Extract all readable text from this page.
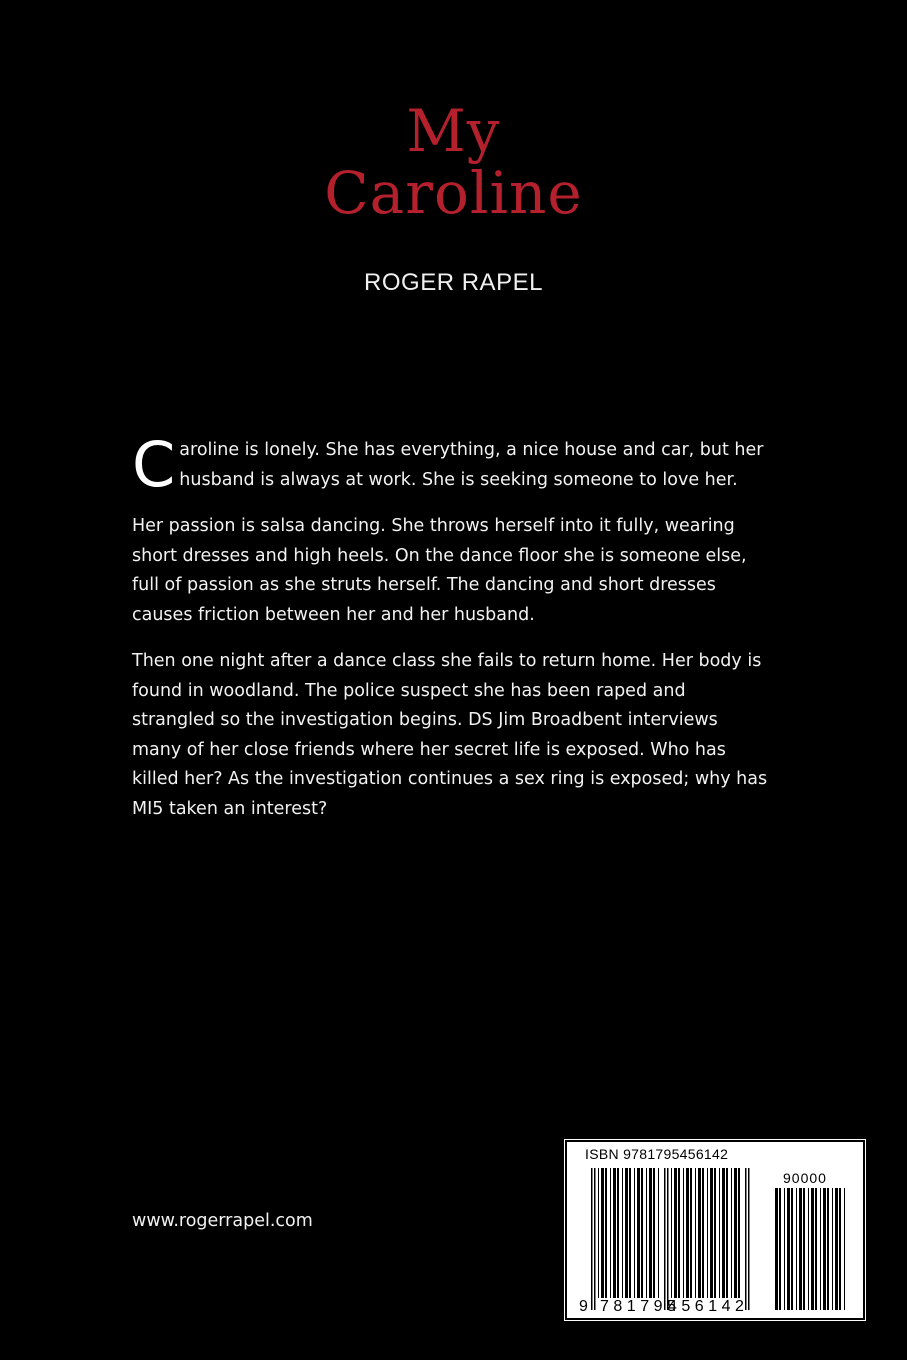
My
Caroline
ROGER RAPEL

Caroline is lonely. She has everything, a nice house and car, but her husband is always at work. She is seeking someone to love her.

Her passion is salsa dancing. She throws herself into it fully, wearing short dresses and high heels. On the dance floor she is someone else, full of passion as she struts herself. The dancing and short dresses causes friction between her and her husband.

Then one night after a dance class she fails to return home. Her body is found in woodland. The police suspect she has been raped and strangled so the investigation begins. DS Jim Broadbent interviews many of her close friends where her secret life is exposed. Who has killed her? As the investigation continues a sex ring is exposed; why has MI5 taken an interest?

www.rogerrapel.com
ISBN 9781795456142
90000
9 781795
456142
